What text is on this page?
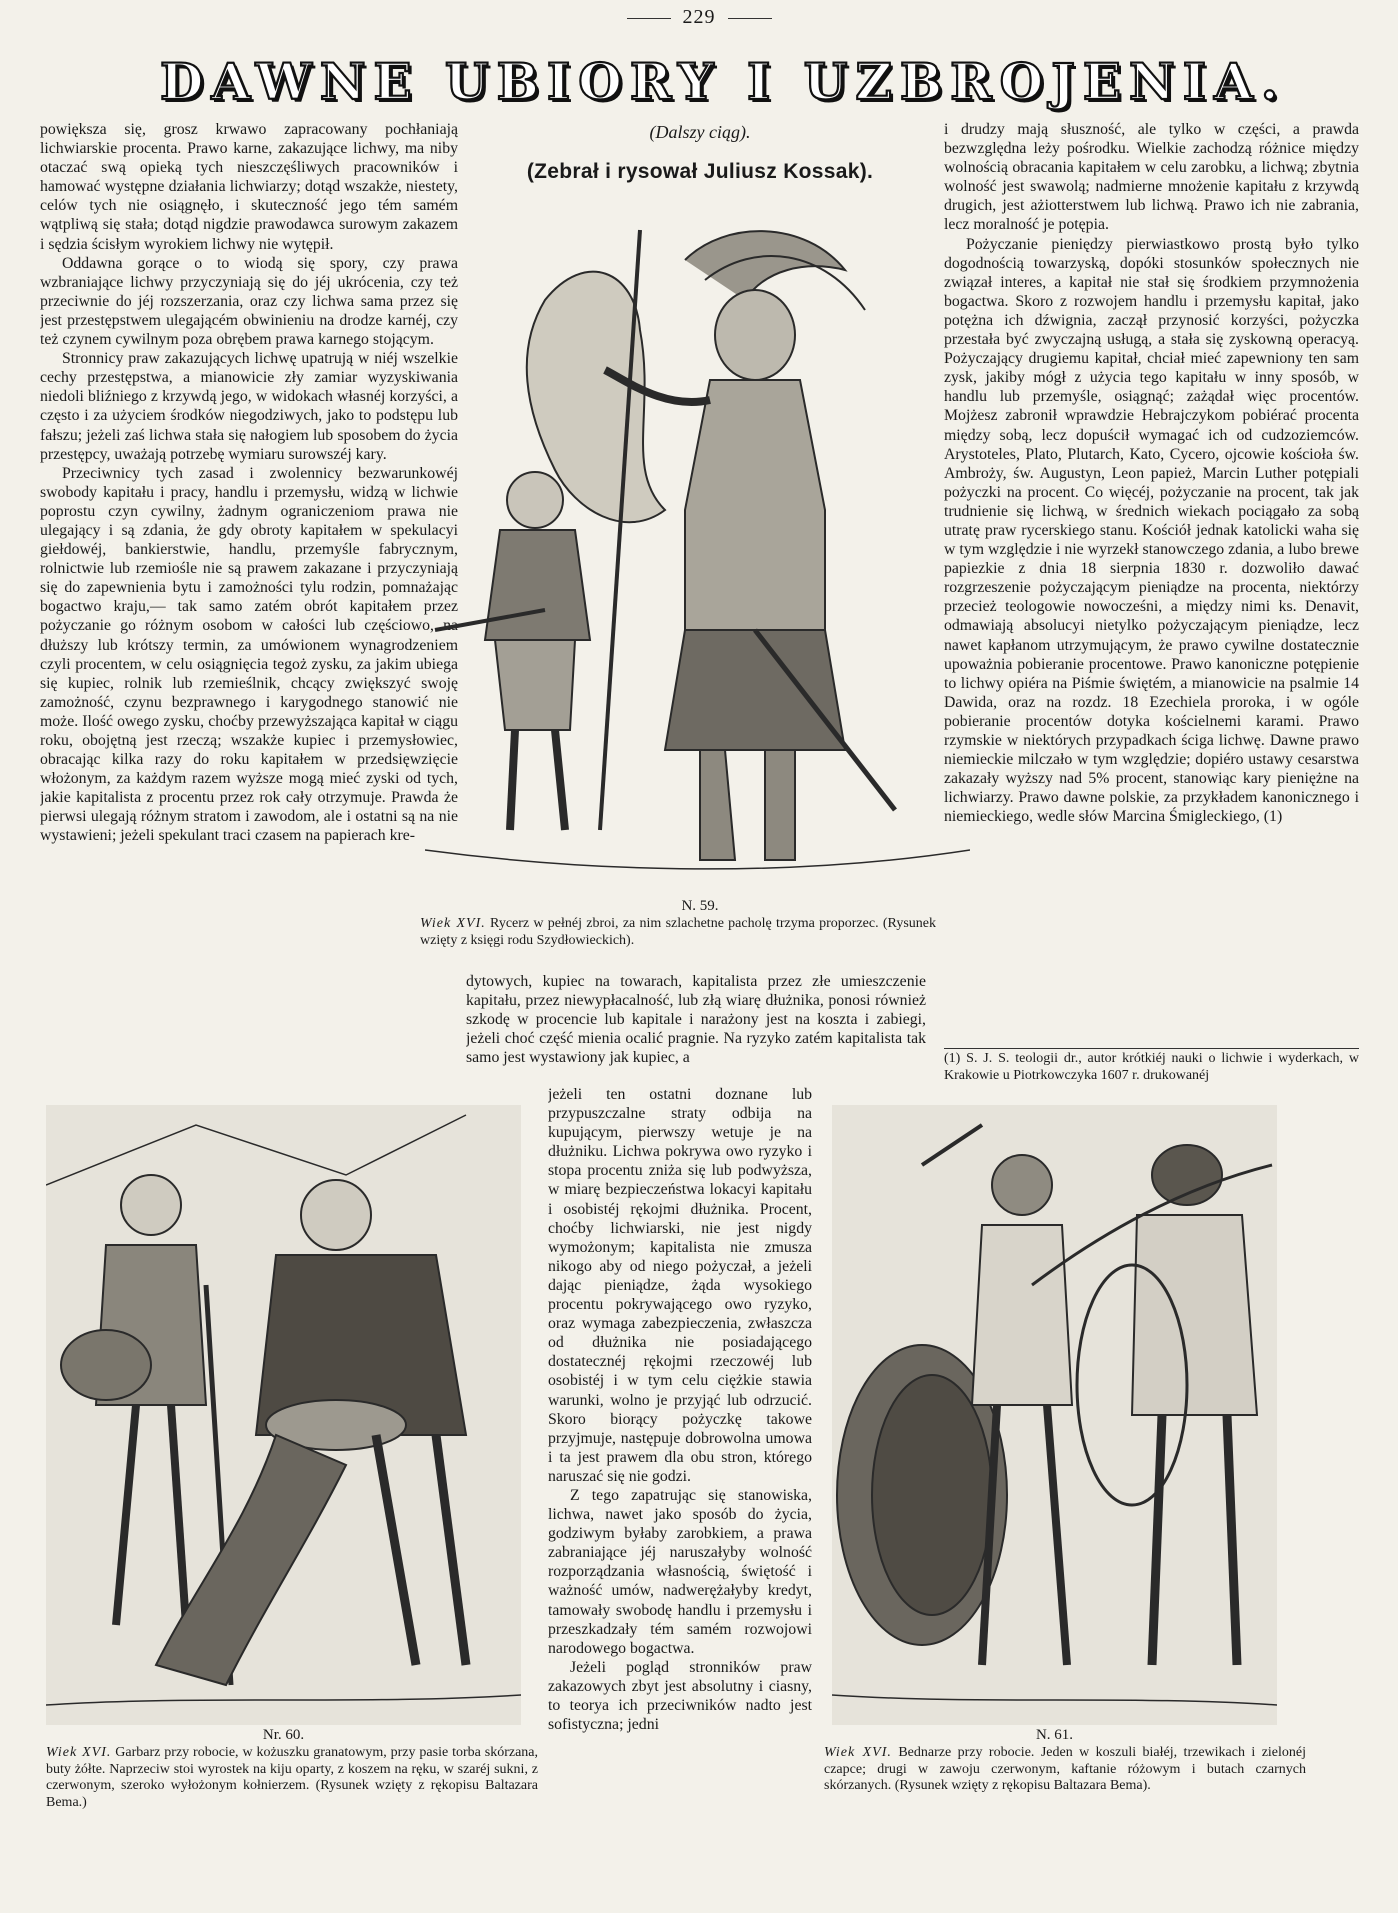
229
DAWNE UBIORY I UZBROJENIA.

powiększa się, grosz krwawo zapracowany pochłaniają lichwiarskie procenta. Prawo karne, zakazujące lichwy, ma niby otaczać swą opieką tych nieszczęśliwych pracowników i hamować występne działania lichwiarzy; dotąd wszakże, niestety, celów tych nie osiągnęło, i skuteczność jego tém samém wątpliwą się stała; dotąd nigdzie prawodawca surowym zakazem i sędzia ścisłym wyrokiem lichwy nie wytępił.

Oddawna gorące o to wiodą się spory, czy prawa wzbraniające lichwy przyczyniają się do jéj ukrócenia, czy też przeciwnie do jéj rozszerzania, oraz czy lichwa sama przez się jest przestępstwem ulegającém obwinieniu na drodze karnéj, czy też czynem cywilnym poza obrębem prawa karnego stojącym.

Stronnicy praw zakazujących lichwę upatrują w niéj wszelkie cechy przestępstwa, a mianowicie zły zamiar wyzyskiwania niedoli bliźniego z krzywdą jego, w widokach własnéj korzyści, a często i za użyciem środków niegodziwych, jako to podstępu lub fałszu; jeżeli zaś lichwa stała się nałogiem lub sposobem do życia przestępcy, uważają potrzebę wymiaru surowszéj kary.

Przeciwnicy tych zasad i zwolennicy bezwarunkowéj swobody kapitału i pracy, handlu i przemysłu, widzą w lichwie poprostu czyn cywilny, żadnym ograniczeniom prawa nie ulegający i są zdania, że gdy obroty kapitałem w spekulacyi giełdowéj, bankierstwie, handlu, przemyśle fabrycznym, rolnictwie lub rzemiośle nie są prawem zakazane i przyczyniają się do zapewnienia bytu i zamożności tylu rodzin, pomnażając bogactwo kraju,— tak samo zatém obrót kapitałem przez pożyczanie go różnym osobom w całości lub częściowo, na dłuższy lub krótszy termin, za umówionem wynagrodzeniem czyli procentem, w celu osiągnięcia tegoż zysku, za jakim ubiega się kupiec, rolnik lub rzemieślnik, chcący zwiększyć swoję zamożność, czynu bezprawnego i karygodnego stanowić nie może. Ilość owego zysku, choćby przewyższająca kapitał w ciągu roku, obojętną jest rzeczą; wszakże kupiec i przemysłowiec, obracając kilka razy do roku kapitałem w przedsięwzięcie włożonym, za każdym razem wyższe mogą mieć zyski od tych, jakie kapitalista z procentu przez rok cały otrzymuje. Prawda że pierwsi ulegają różnym stratom i zawodom, ale i ostatni są na nie wystawieni; jeżeli spekulant traci czasem na papierach kre-

(Dalszy ciąg).
(Zebrał i rysował Juliusz Kossak).
N. 59.
Wiek XVI. Rycerz w pełnéj zbroi, za nim szlachetne pacholę trzyma proporzec. (Rysunek wzięty z księgi rodu Szydłowieckich).

i drudzy mają słuszność, ale tylko w części, a prawda bezwzględna leży pośrodku. Wielkie zachodzą różnice między wolnością obracania kapitałem w celu zarobku, a lichwą; zbytnia wolność jest swawolą; nadmierne mnożenie kapitału z krzywdą drugich, jest ażiotterstwem lub lichwą. Prawo ich nie zabrania, lecz moralność je potępia.

Pożyczanie pieniędzy pierwiastkowo prostą było tylko dogodnością towarzyską, dopóki stosunków społecznych nie związał interes, a kapitał nie stał się środkiem przymnożenia bogactwa. Skoro z rozwojem handlu i przemysłu kapitał, jako potężna ich dźwignia, zaczął przynosić korzyści, pożyczka przestała być zwyczajną usługą, a stała się zyskowną operacyą. Pożyczający drugiemu kapitał, chciał mieć zapewniony ten sam zysk, jakiby mógł z użycia tego kapitału w inny sposób, w handlu lub przemyśle, osiągnąć; zażądał więc procentów. Mojżesz zabronił wprawdzie Hebrajczykom pobiérać procenta między sobą, lecz dopuścił wymagać ich od cudzoziemców. Arystoteles, Plato, Plutarch, Kato, Cycero, ojcowie kościoła św. Ambroży, św. Augustyn, Leon papież, Marcin Luther potępiali pożyczki na procent. Co więcéj, pożyczanie na procent, tak jak trudnienie się lichwą, w średnich wiekach pociągało za sobą utratę praw rycerskiego stanu. Kościół jednak katolicki waha się w tym względzie i nie wyrzekł stanowczego zdania, a lubo brewe papiezkie z dnia 18 sierpnia 1830 r. dozwoliło dawać rozgrzeszenie pożyczającym pieniądze na procenta, niektórzy przecież teologowie nowocześni, a między nimi ks. Denavit, odmawiają absolucyi nietylko pożyczającym pieniądze, lecz nawet kapłanom utrzymującym, że prawo cywilne dostatecznie upoważnia pobieranie procentowe. Prawo kanoniczne potępienie to lichwy opiéra na Piśmie świętém, a mianowicie na psalmie 14 Dawida, oraz na rozdz. 18 Ezechiela proroka, i w ogóle pobieranie procentów dotyka kościelnemi karami. Prawo rzymskie w niektórych przypadkach ściga lichwę. Dawne prawo niemieckie milczało w tym względzie; dopiéro ustawy cesarstwa zakazały wyższy nad 5% procent, stanowiąc kary pieniężne na lichwiarzy. Prawo dawne polskie, za przykładem kanonicznego i niemieckiego, wedle słów Marcina Śmigleckiego, (1)

dytowych, kupiec na towarach, kapitalista przez złe umieszczenie kapitału, przez niewypłacalność, lub złą wiarę dłużnika, ponosi również szkodę w procencie lub kapitale i narażony jest na koszta i zabiegi, jeżeli choć część mienia ocalić pragnie. Na ryzyko zatém kapitalista tak samo jest wystawiony jak kupiec, a	(1) S. J. S. teologii dr., autor krótkiéj nauki o lichwie i wyderkach, w Krakowie u Piotrkowczyka 1607 r. drukowanéj
Nr. 60.
Wiek XVI. Garbarz przy robocie, w kożuszku granatowym, przy pasie torba skórzana, buty żółte. Naprzeciw stoi wyrostek na kiju oparty, z koszem na ręku, w szaréj sukni, z czerwonym, szeroko wyłożonym kołnierzem. (Rysunek wzięty z rękopisu Baltazara Bema.)

jeżeli ten ostatni doznane lub przypuszczalne straty odbija na kupującym, pierwszy wetuje je na dłużniku. Lichwa pokrywa owo ryzyko i stopa procentu zniża się lub podwyższa, w miarę bezpieczeństwa lokacyi kapitału i osobistéj rękojmi dłużnika. Procent, choćby lichwiarski, nie jest nigdy wymożonym; kapitalista nie zmusza nikogo aby od niego pożyczał, a jeżeli dając pieniądze, żąda wysokiego procentu pokrywającego owo ryzyko, oraz wymaga zabezpieczenia, zwłaszcza od dłużnika nie posiadającego dostatecznéj rękojmi rzeczowéj lub osobistéj i w tym celu ciężkie stawia warunki, wolno je przyjąć lub odrzucić. Skoro biorący pożyczkę takowe przyjmuje, następuje dobrowolna umowa i ta jest prawem dla obu stron, którego naruszać się nie godzi.

Z tego zapatrując się stanowiska, lichwa, nawet jako sposób do życia, godziwym byłaby zarobkiem, a prawa zabraniające jéj naruszałyby wolność rozporządzania własnością, świętość i ważność umów, nadwerężałyby kredyt, tamowały swobodę handlu i przemysłu i przeszkadzały tém samém rozwojowi narodowego bogactwa.

Jeżeli pogląd stronników praw zakazowych zbyt jest absolutny i ciasny, to teorya ich przeciwników nadto jest sofistyczna; jedni

N. 61.
Wiek XVI. Bednarze przy robocie. Jeden w koszuli białéj, trzewikach i zielonéj czapce; drugi w zawoju czerwonym, kaftanie różowym i butach czarnych skórzanych. (Rysunek wzięty z rękopisu Baltazara Bema).
